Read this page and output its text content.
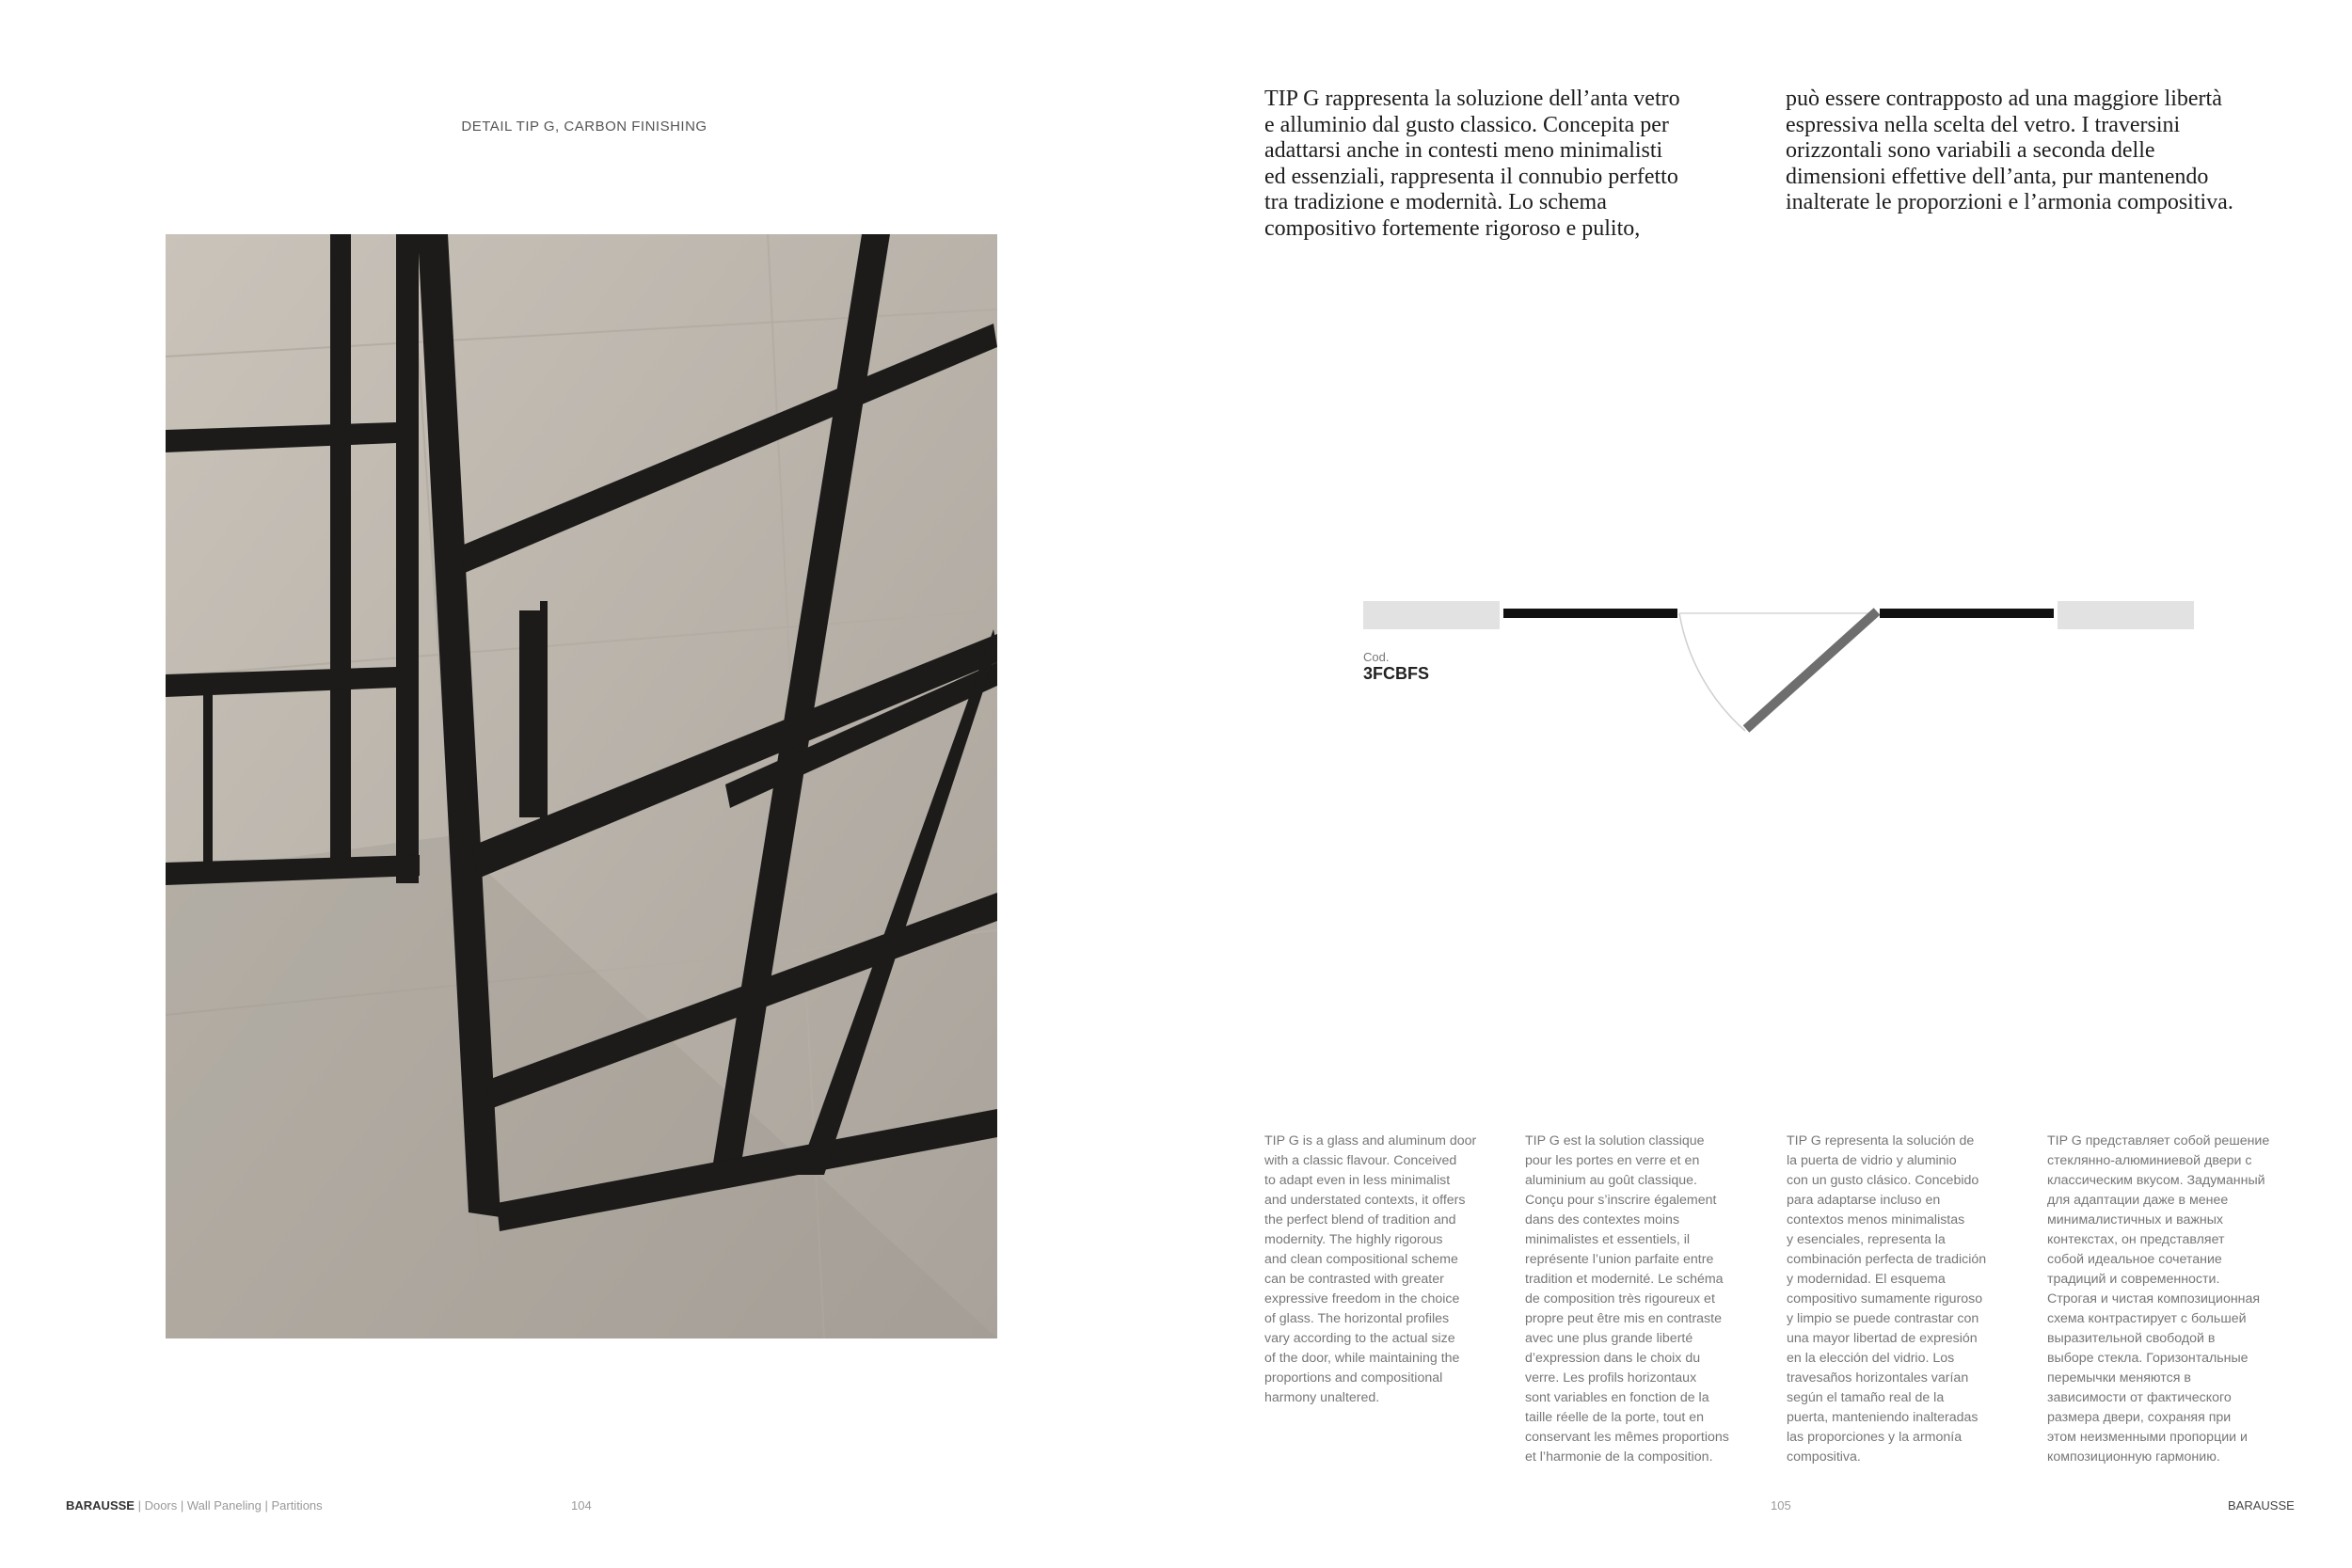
DETAIL TIP G, CARBON FINISHING
TIP G rappresenta la soluzione dell’anta vetro
e alluminio dal gusto classico. Concepita per
adattarsi anche in contesti meno minimalisti
ed essenziali, rappresenta il connubio perfetto
tra tradizione e modernità. Lo schema
compositivo fortemente rigoroso e pulito,
può essere contrapposto ad una maggiore libertà
espressiva nella scelta del vetro. I traversini
orizzontali sono variabili a seconda delle
dimensioni effettive dell’anta, pur mantenendo
inalterate le proporzioni e l’armonia compositiva.
Cod.
3FCBFS
TIP G is a glass and aluminum door
with a classic flavour. Conceived
to adapt even in less minimalist
and understated contexts, it offers
the perfect blend of tradition and
modernity. The highly rigorous
and clean compositional scheme
can be contrasted with greater
expressive freedom in the choice
of glass. The horizontal profiles
vary according to the actual size
of the door, while maintaining the
proportions and compositional
harmony unaltered.
TIP G est la solution classique
pour les portes en verre et en
aluminium au goût classique.
Conçu pour s’inscrire également
dans des contextes moins
minimalistes et essentiels, il
représente l’union parfaite entre
tradition et modernité. Le schéma
de composition très rigoureux et
propre peut être mis en contraste
avec une plus grande liberté
d’expression dans le choix du
verre. Les profils horizontaux
sont variables en fonction de la
taille réelle de la porte, tout en
conservant les mêmes proportions
et l’harmonie de la composition.
TIP G representa la solución de
la puerta de vidrio y aluminio
con un gusto clásico. Concebido
para adaptarse incluso en
contextos menos minimalistas
y esenciales, representa la
combinación perfecta de tradición
y modernidad. El esquema
compositivo sumamente riguroso
y limpio se puede contrastar con
una mayor libertad de expresión
en la elección del vidrio. Los
travesaños horizontales varían
según el tamaño real de la
puerta, manteniendo inalteradas
las proporciones y la armonía
compositiva.
TIP G представляет собой решение
стеклянно-алюминиевой двери с
классическим вкусом. Задуманный
для адаптации даже в менее
минималистичных и важных
контекстах, он представляет
собой идеальное сочетание
традиций и современности.
Строгая и чистая композиционная
схема контрастирует с большей
выразительной свободой в
выборе стекла. Горизонтальные
перемычки меняются в
зависимости от фактического
размера двери, сохраняя при
этом неизменными пропорции и
композиционную гармонию.
BARAUSSE | Doors | Wall Paneling | Partitions	104	105	BARAUSSE
